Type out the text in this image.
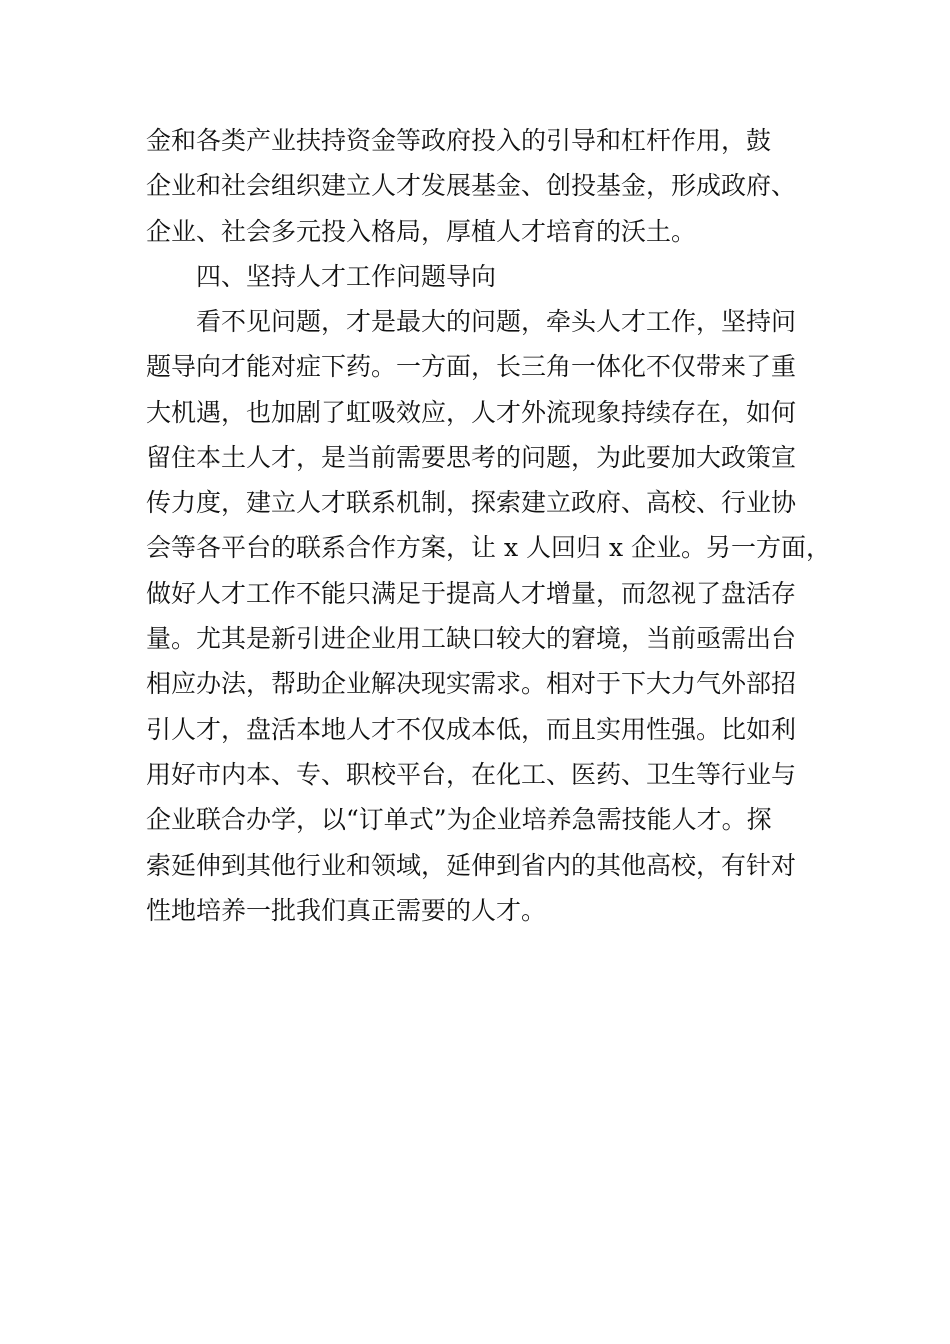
金和各类产业扶持资金等政府投入的引导和杠杆作用，鼓
企业和社会组织建立人才发展基金、创投基金，形成政府、
企业、社会多元投入格局，厚植人才培育的沃土。
四、坚持人才工作问题导向
看不见问题，才是最大的问题，牵头人才工作，坚持问
题导向才能对症下药。一方面，长三角一体化不仅带来了重
大机遇，也加剧了虹吸效应，人才外流现象持续存在，如何
留住本土人才，是当前需要思考的问题，为此要加大政策宣
传力度，建立人才联系机制，探索建立政府、高校、行业协
会等各平台的联系合作方案，让 x 人回归 x 企业。另一方面，
做好人才工作不能只满足于提高人才增量，而忽视了盘活存
量。尤其是新引进企业用工缺口较大的窘境，当前亟需出台
相应办法，帮助企业解决现实需求。相对于下大力气外部招
引人才，盘活本地人才不仅成本低，而且实用性强。比如利
用好市内本、专、职校平台，在化工、医药、卫生等行业与
企业联合办学，以“订单式”为企业培养急需技能人才。探
索延伸到其他行业和领域，延伸到省内的其他高校，有针对
性地培养一批我们真正需要的人才。
